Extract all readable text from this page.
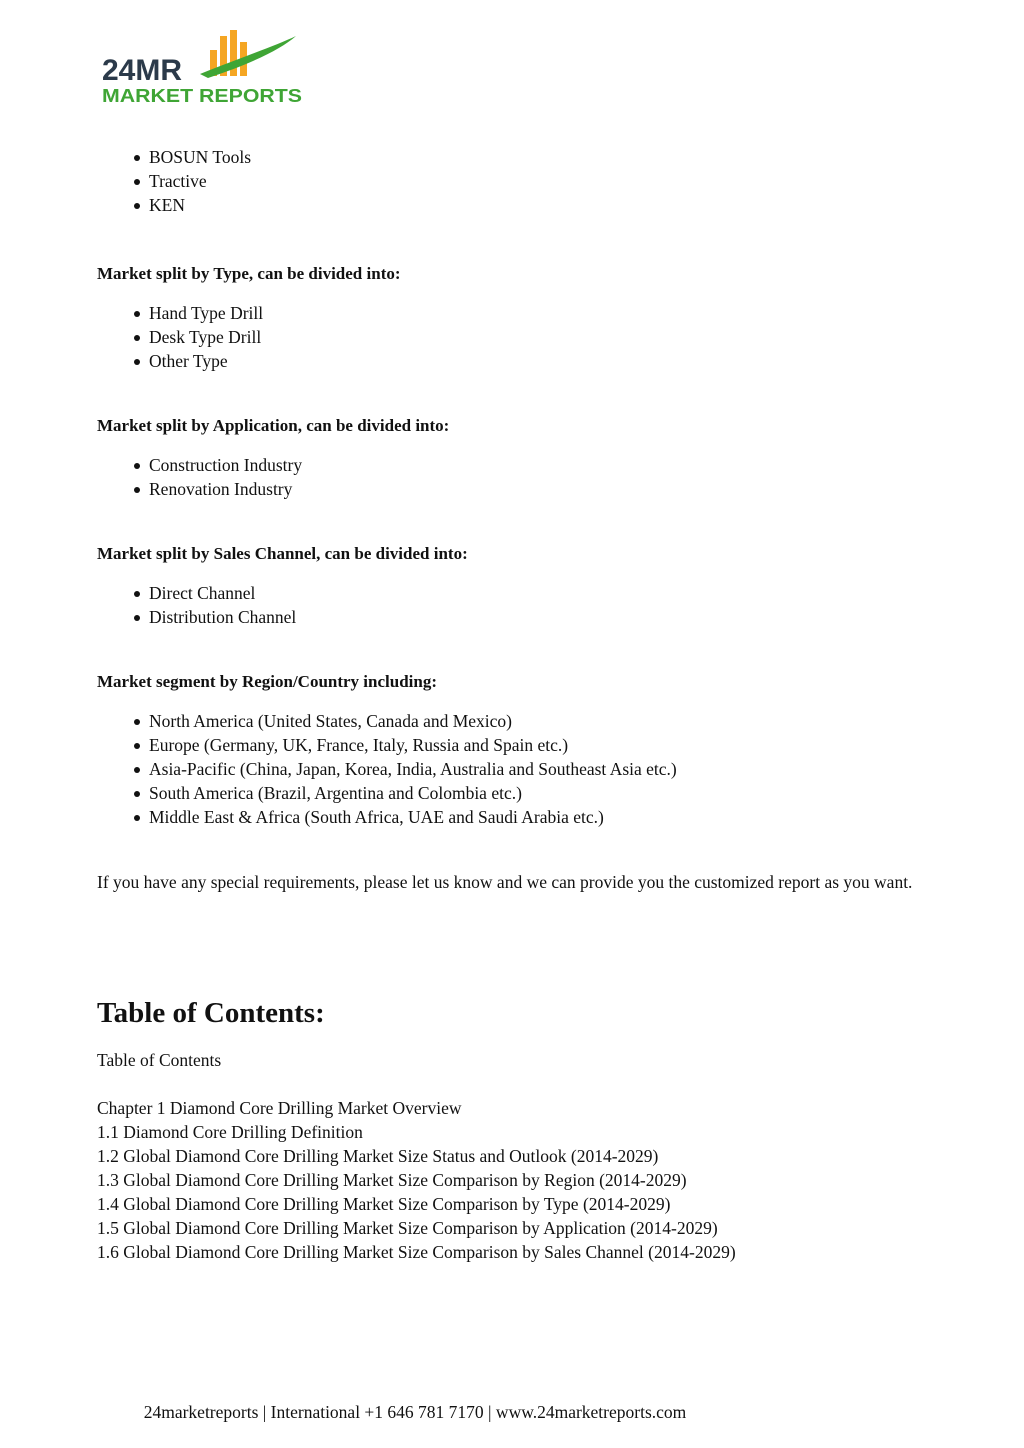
24MR
MARKET REPORTS
BOSUN Tools
Tractive
KEN

Market split by Type, can be divided into:

Hand Type Drill
Desk Type Drill
Other Type

Market split by Application, can be divided into:

Construction Industry
Renovation Industry

Market split by Sales Channel, can be divided into:

Direct Channel
Distribution Channel

Market segment by Region/Country including:

North America (United States, Canada and Mexico)
Europe (Germany, UK, France, Italy, Russia and Spain etc.)
Asia-Pacific (China, Japan, Korea, India, Australia and Southeast Asia etc.)
South America (Brazil, Argentina and Colombia etc.)
Middle East & Africa (South Africa, UAE and Saudi Arabia etc.)

If you have any special requirements, please let us know and we can provide you the customized report as you want.

Table of Contents:
Table of Contents
Chapter 1 Diamond Core Drilling Market Overview
1.1 Diamond Core Drilling Definition
1.2 Global Diamond Core Drilling Market Size Status and Outlook (2014-2029)
1.3 Global Diamond Core Drilling Market Size Comparison by Region (2014-2029)
1.4 Global Diamond Core Drilling Market Size Comparison by Type (2014-2029)
1.5 Global Diamond Core Drilling Market Size Comparison by Application (2014-2029)
1.6 Global Diamond Core Drilling Market Size Comparison by Sales Channel (2014-2029)
24marketreports | International +1 646 781 7170 | www.24marketreports.com
